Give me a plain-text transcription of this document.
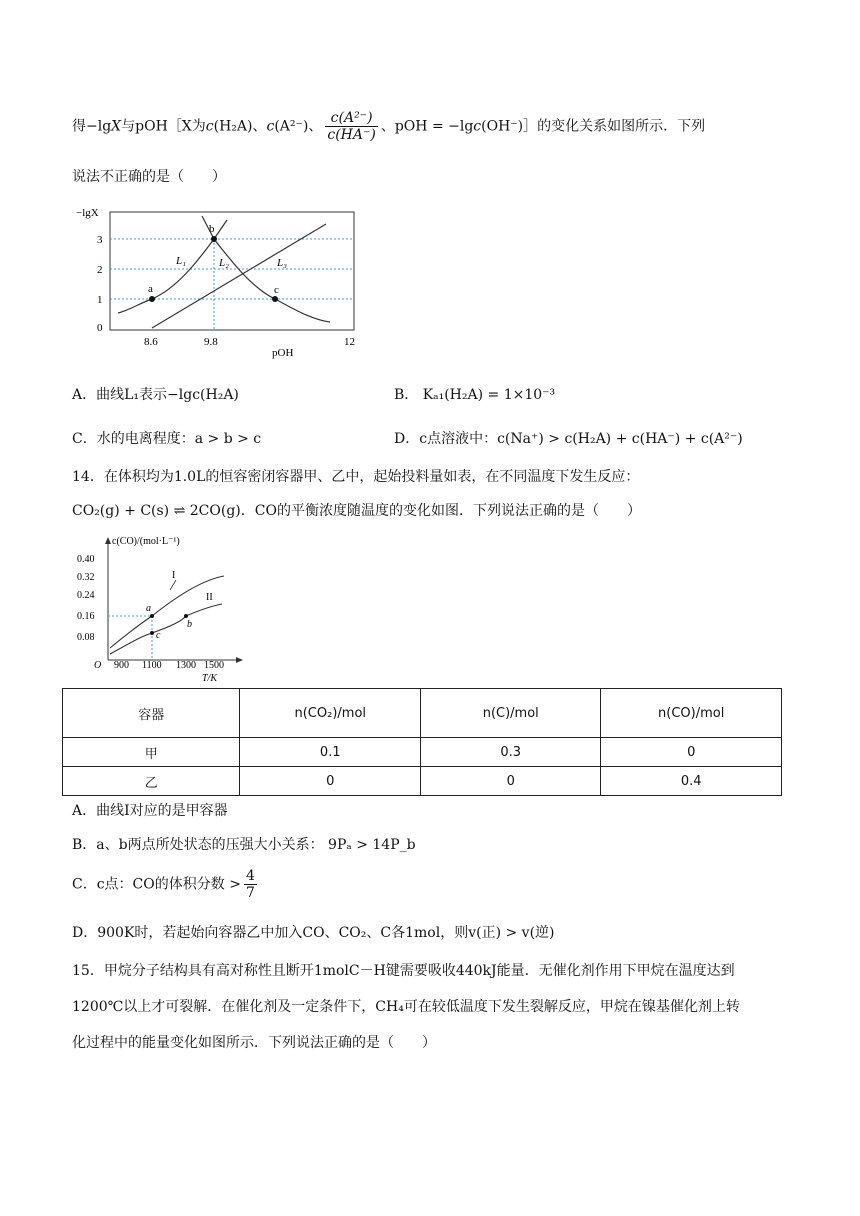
得−lgX与pOH［X为c(H₂A)、c(A²⁻)、 $\frac{\text{c(A²⁻)}}{c(HA^-)}$ 、pOH = −lgc(OH⁻)］的变化关系如图所示．下列
说法不正确的是（　　）
a
b
c
L₁	L₂	L₃
−lgX
3
2
1
0
8.6	9.8	12
pOH
A．曲线L₁表示−lgc(H₂A)	B． Kₐ₁(H₂A) = 1×10⁻³
C．水的电离程度：a > b > c	D．c点溶液中：c(Na⁺) > c(H₂A) + c(HA⁻) + c(A²⁻)
14．在体积均为1.0L的恒容密闭容器甲、乙中，起始投料量如表，在不同温度下发生反应：
CO₂(g) + C(s) ⇌ 2CO(g)．CO的平衡浓度随温度的变化如图．下列说法正确的是（　　）
a
b
c
I
II
c(CO)/(mol·L⁻¹)
0.40
0.32
0.24
0.16
0.08
O 900 1100 1300 1500
T/K
容器	n(CO₂)/mol	n(C)/mol	n(CO)/mol
甲	0.1	0.3	0
乙	0	0	0.4
A．曲线Ⅰ对应的是甲容器
B．a、b两点所处状态的压强大小关系： 9Pₐ > 14P_b
C．c点：CO的体积分数 > $\frac{4}{7}$
D．900K时，若起始向容器乙中加入CO、CO₂、C各1mol，则v(正) > v(逆)
15．甲烷分子结构具有高对称性且断开1molC－H键需要吸收440kJ能量．无催化剂作用下甲烷在温度达到
1200℃以上才可裂解．在催化剂及一定条件下，CH₄可在较低温度下发生裂解反应，甲烷在镍基催化剂上转
化过程中的能量变化如图所示．下列说法正确的是（　　）
